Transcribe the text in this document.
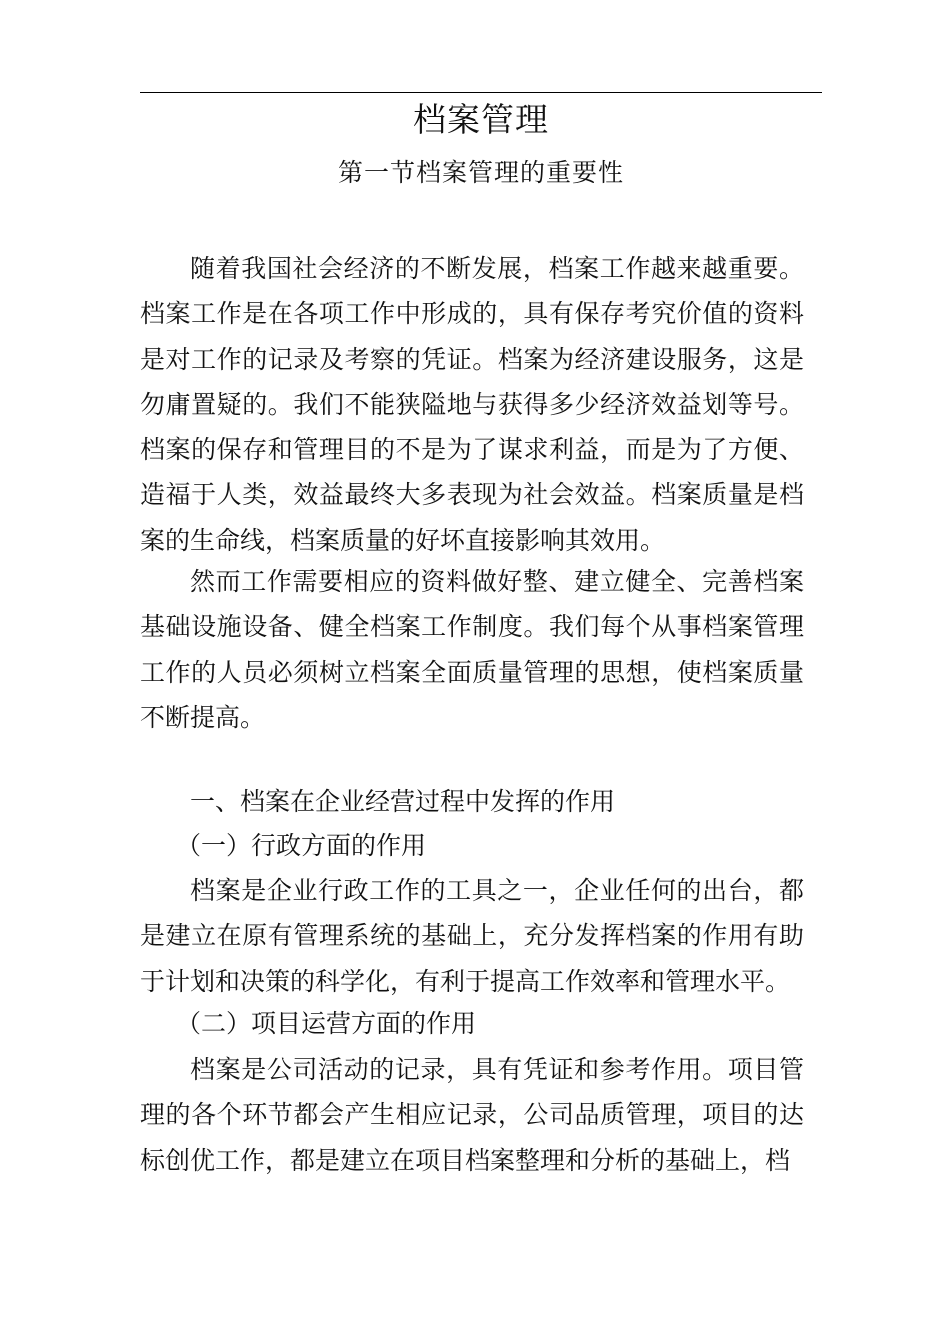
档案管理
第一节档案管理的重要性

随着我国社会经济的不断发展，档案工作越来越重要。档案工作是在各项工作中形成的，具有保存考究价值的资料是对工作的记录及考察的凭证。档案为经济建设服务，这是勿庸置疑的。我们不能狭隘地与获得多少经济效益划等号。档案的保存和管理目的不是为了谋求利益，而是为了方便、造福于人类，效益最终大多表现为社会效益。档案质量是档案的生命线，档案质量的好坏直接影响其效用。

然而工作需要相应的资料做好整、建立健全、完善档案基础设施设备、健全档案工作制度。我们每个从事档案管理工作的人员必须树立档案全面质量管理的思想，使档案质量不断提高。

一、档案在企业经营过程中发挥的作用

（一）行政方面的作用

档案是企业行政工作的工具之一，企业任何的出台，都是建立在原有管理系统的基础上，充分发挥档案的作用有助于计划和决策的科学化，有利于提高工作效率和管理水平。

（二）项目运营方面的作用

档案是公司活动的记录，具有凭证和参考作用。项目管理的各个环节都会产生相应记录，公司品质管理，项目的达标创优工作，都是建立在项目档案整理和分析的基础上，档
